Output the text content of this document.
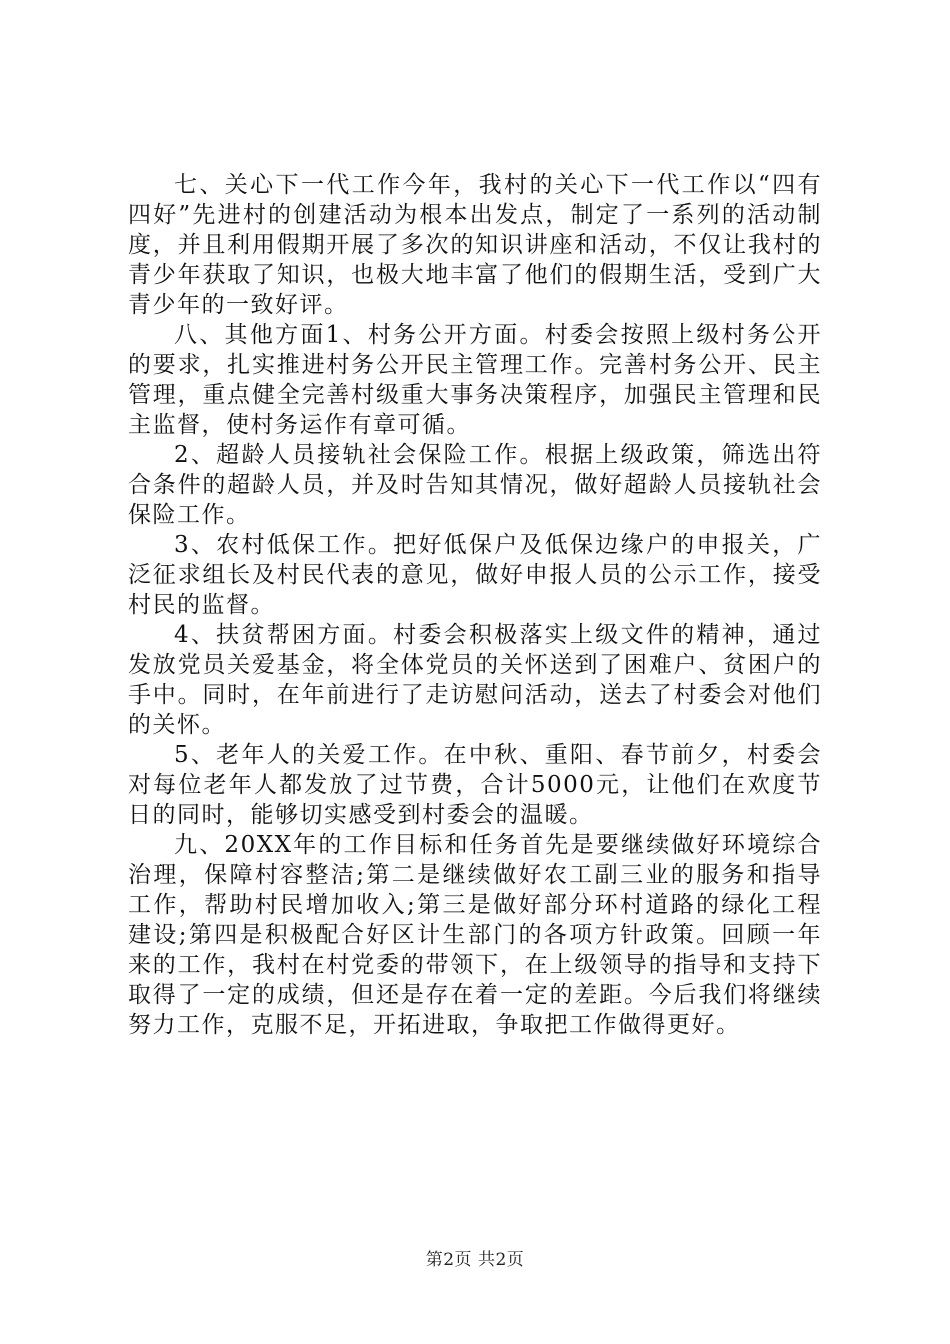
七、关心下一代工作今年，我村的关心下一代工作以“四有四好”先进村的创建活动为根本出发点，制定了一系列的活动制度，并且利用假期开展了多次的知识讲座和活动，不仅让我村的青少年获取了知识，也极大地丰富了他们的假期生活，受到广大青少年的一致好评。

八、其他方面1、村务公开方面。村委会按照上级村务公开的要求，扎实推进村务公开民主管理工作。完善村务公开、民主管理，重点健全完善村级重大事务决策程序，加强民主管理和民主监督，使村务运作有章可循。

2、超龄人员接轨社会保险工作。根据上级政策，筛选出符合条件的超龄人员，并及时告知其情况，做好超龄人员接轨社会保险工作。

3、农村低保工作。把好低保户及低保边缘户的申报关，广泛征求组长及村民代表的意见，做好申报人员的公示工作，接受村民的监督。

4、扶贫帮困方面。村委会积极落实上级文件的精神，通过发放党员关爱基金，将全体党员的关怀送到了困难户、贫困户的手中。同时，在年前进行了走访慰问活动，送去了村委会对他们的关怀。

5、老年人的关爱工作。在中秋、重阳、春节前夕，村委会对每位老年人都发放了过节费，合计5000元，让他们在欢度节日的同时，能够切实感受到村委会的温暖。

九、20XX年的工作目标和任务首先是要继续做好环境综合治理，保障村容整洁;第二是继续做好农工副三业的服务和指导工作，帮助村民增加收入;第三是做好部分环村道路的绿化工程建设;第四是积极配合好区计生部门的各项方针政策。回顾一年来的工作，我村在村党委的带领下，在上级领导的指导和支持下取得了一定的成绩，但还是存在着一定的差距。今后我们将继续努力工作，克服不足，开拓进取，争取把工作做得更好。

第2页 共2页
